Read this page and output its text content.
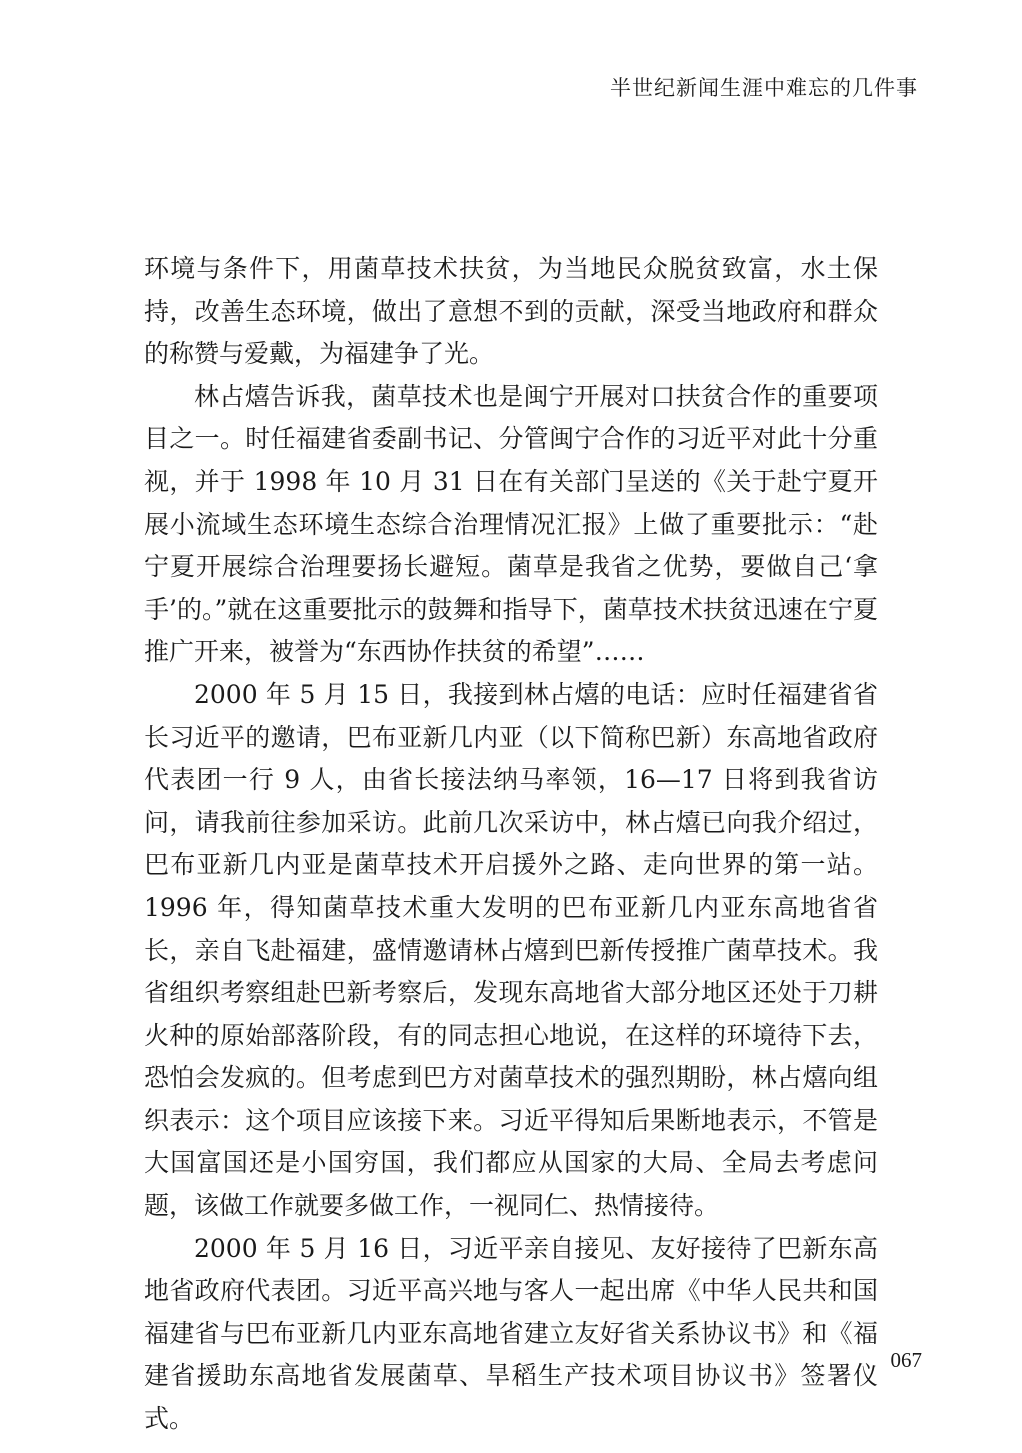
半世纪新闻生涯中难忘的几件事

环境与条件下，用菌草技术扶贫，为当地民众脱贫致富，水土保持，改善生态环境，做出了意想不到的贡献，深受当地政府和群众的称赞与爱戴，为福建争了光。

林占熺告诉我，菌草技术也是闽宁开展对口扶贫合作的重要项目之一。时任福建省委副书记、分管闽宁合作的习近平对此十分重视，并于 1998 年 10 月 31 日在有关部门呈送的《关于赴宁夏开展小流域生态环境生态综合治理情况汇报》上做了重要批示：“赴宁夏开展综合治理要扬长避短。菌草是我省之优势，要做自己‘拿手’的。”就在这重要批示的鼓舞和指导下，菌草技术扶贫迅速在宁夏推广开来，被誉为“东西协作扶贫的希望”……

2000 年 5 月 15 日，我接到林占熺的电话：应时任福建省省长习近平的邀请，巴布亚新几内亚（以下简称巴新）东高地省政府代表团一行 9 人，由省长接法纳马率领，16—17 日将到我省访问，请我前往参加采访。此前几次采访中，林占熺已向我介绍过，巴布亚新几内亚是菌草技术开启援外之路、走向世界的第一站。1996 年，得知菌草技术重大发明的巴布亚新几内亚东高地省省长，亲自飞赴福建，盛情邀请林占熺到巴新传授推广菌草技术。我省组织考察组赴巴新考察后，发现东高地省大部分地区还处于刀耕火种的原始部落阶段，有的同志担心地说，在这样的环境待下去，恐怕会发疯的。但考虑到巴方对菌草技术的强烈期盼，林占熺向组织表示：这个项目应该接下来。习近平得知后果断地表示，不管是大国富国还是小国穷国，我们都应从国家的大局、全局去考虑问题，该做工作就要多做工作，一视同仁、热情接待。

2000 年 5 月 16 日，习近平亲自接见、友好接待了巴新东高地省政府代表团。习近平高兴地与客人一起出席《中华人民共和国福建省与巴布亚新几内亚东高地省建立友好省关系协议书》和《福建省援助东高地省发展菌草、旱稻生产技术项目协议书》签署仪式。

067
